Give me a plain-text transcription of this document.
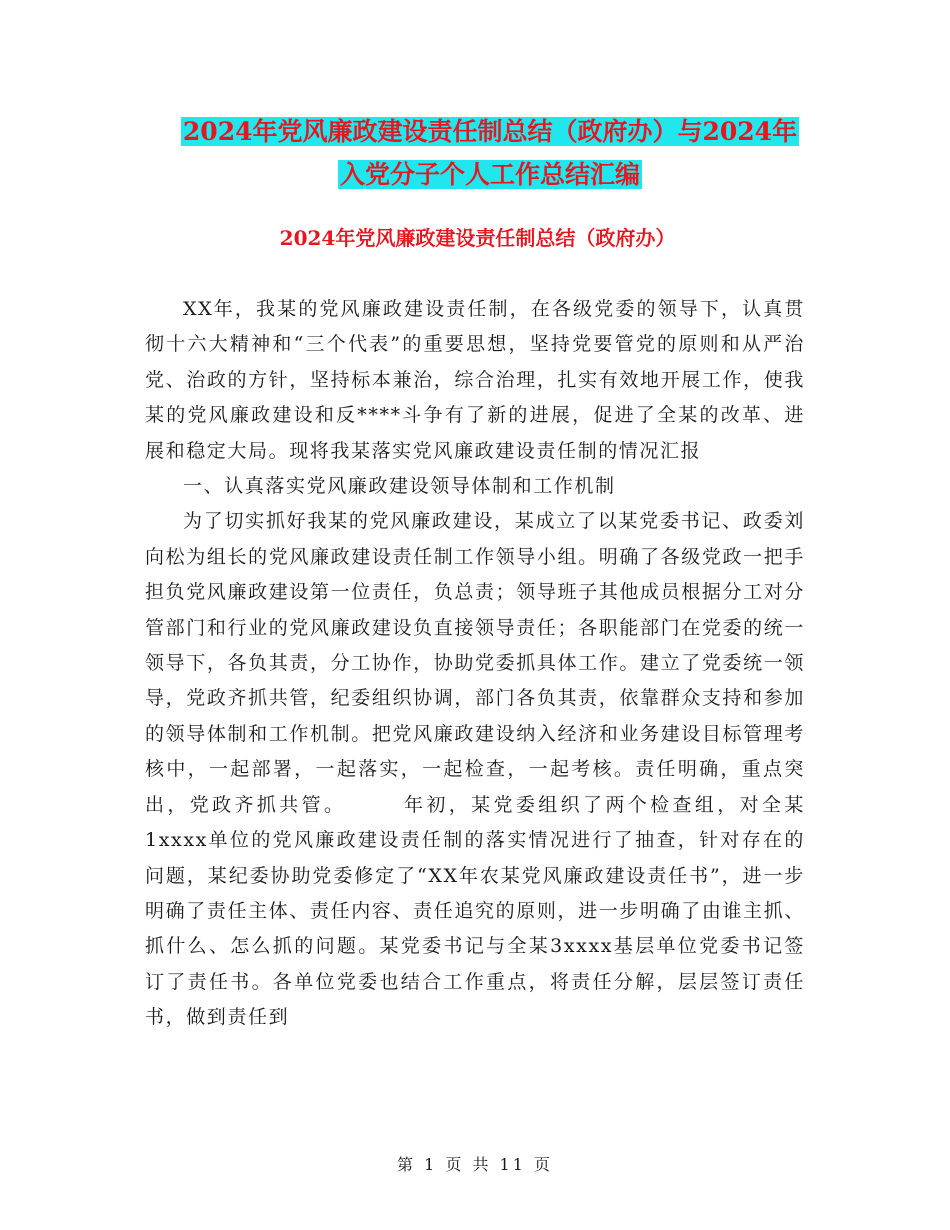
2024年党风廉政建设责任制总结（政府办）与2024年
入党分子个人工作总结汇编
2024年党风廉政建设责任制总结（政府办）

XX年，我某的党风廉政建设责任制，在各级党委的领导下，认真贯彻十六大精神和“三个代表”的重要思想，坚持党要管党的原则和从严治党、治政的方针，坚持标本兼治，综合治理，扎实有效地开展工作，使我某的党风廉政建设和反****斗争有了新的进展，促进了全某的改革、进展和稳定大局。现将我某落实党风廉政建设责任制的情况汇报

一、认真落实党风廉政建设领导体制和工作机制

为了切实抓好我某的党风廉政建设，某成立了以某党委书记、政委刘向松为组长的党风廉政建设责任制工作领导小组。明确了各级党政一把手担负党风廉政建设第一位责任，负总责；领导班子其他成员根据分工对分管部门和行业的党风廉政建设负直接领导责任；各职能部门在党委的统一领导下，各负其责，分工协作，协助党委抓具体工作。建立了党委统一领导，党政齐抓共管，纪委组织协调，部门各负其责，依靠群众支持和参加的领导体制和工作机制。把党风廉政建设纳入经济和业务建设目标管理考核中，一起部署，一起落实，一起检查，一起考核。责任明确，重点突出，党政齐抓共管。　　　年初，某党委组织了两个检查组，对全某1xxxx单位的党风廉政建设责任制的落实情况进行了抽查，针对存在的问题，某纪委协助党委修定了“XX年农某党风廉政建设责任书”，进一步明确了责任主体、责任内容、责任追究的原则，进一步明确了由谁主抓、抓什么、怎么抓的问题。某党委书记与全某3xxxx基层单位党委书记签订了责任书。各单位党委也结合工作重点，将责任分解，层层签订责任书，做到责任到

第 1 页 共 11 页
